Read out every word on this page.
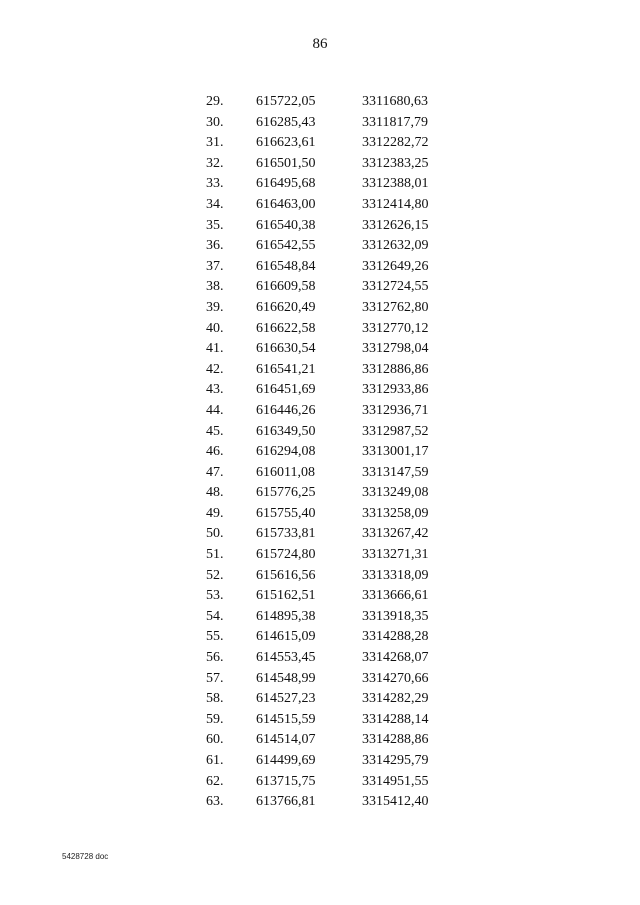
86
29. 615722,05	3311680,63
30. 616285,43	3311817,79
31. 616623,61	3312282,72
32. 616501,50	3312383,25
33. 616495,68	3312388,01
34. 616463,00	3312414,80
35. 616540,38	3312626,15
36. 616542,55	3312632,09
37. 616548,84	3312649,26
38. 616609,58	3312724,55
39. 616620,49	3312762,80
40. 616622,58	3312770,12
41. 616630,54	3312798,04
42. 616541,21	3312886,86
43. 616451,69	3312933,86
44. 616446,26	3312936,71
45. 616349,50	3312987,52
46. 616294,08	3313001,17
47. 616011,08	3313147,59
48. 615776,25	3313249,08
49. 615755,40	3313258,09
50. 615733,81	3313267,42
51. 615724,80	3313271,31
52. 615616,56	3313318,09
53. 615162,51	3313666,61
54. 614895,38	3313918,35
55. 614615,09	3314288,28
56. 614553,45	3314268,07
57. 614548,99	3314270,66
58. 614527,23	3314282,29
59. 614515,59	3314288,14
60. 614514,07	3314288,86
61. 614499,69	3314295,79
62. 613715,75	3314951,55
63. 613766,81	3315412,40
5428728 doc
